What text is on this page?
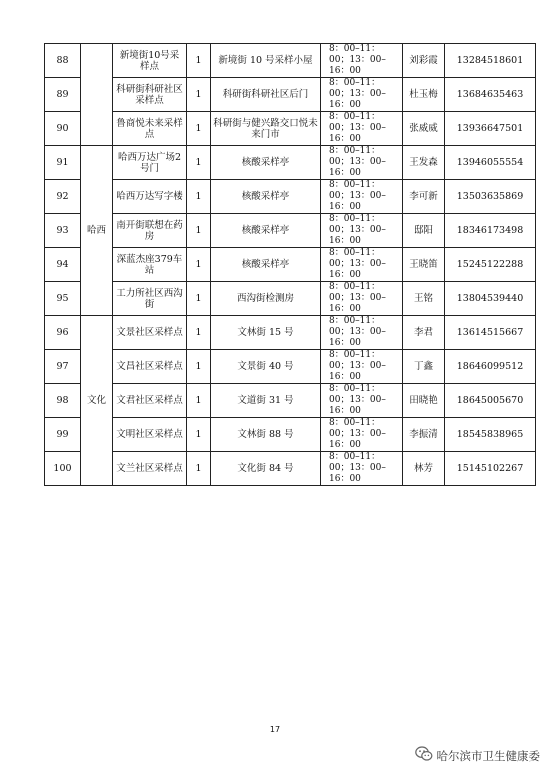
88		新境街10号采样点	1	新境街 10 号采样小屋	8：00–11：00；13：00–16：00	刘彩霞	13284518601
89		科研街科研社区采样点	1	科研街科研社区后门	8：00–11：00；13：00–16：00	杜玉梅	13684635463
90		鲁商悦未来采样点	1	科研街与健兴路交口悦未来门市	8：00–11：00；13：00–16：00	张威威	13936647501
91	哈西	哈西万达广场2号门	1	核酸采样亭	8：00–11：00；13：00–16：00	王发森	13946055554
92		哈西万达写字楼	1	核酸采样亭	8：00–11：00；13：00–16：00	李可新	13503635869
93		南开街联想在药房	1	核酸采样亭	8：00–11：00；13：00–16：00	邸阳	18346173498
94		深蓝杰座379车站	1	核酸采样亭	8：00–11：00；13：00–16：00	王晓笛	15245122288
95		工力所社区西沟街	1	西沟街检测房	8：00–11：00；13：00–16：00	王铭	13804539440
96	文化	文景社区采样点	1	文林街 15 号	8：00–11：00；13：00–16：00	李君	13614515667
97		文昌社区采样点	1	文景街 40 号	8：00–11：00；13：00–16：00	丁鑫	18646099512
98		文君社区采样点	1	文道街 31 号	8：00–11：00；13：00–16：00	田晓艳	18645005670
99		文明社区采样点	1	文林街 88 号	8：00–11：00；13：00–16：00	李振清	18545838965
100		文兰社区采样点	1	文化街 84 号	8：00–11：00；13：00–16：00	林芳	15145102267
17
哈尔滨市卫生健康委
